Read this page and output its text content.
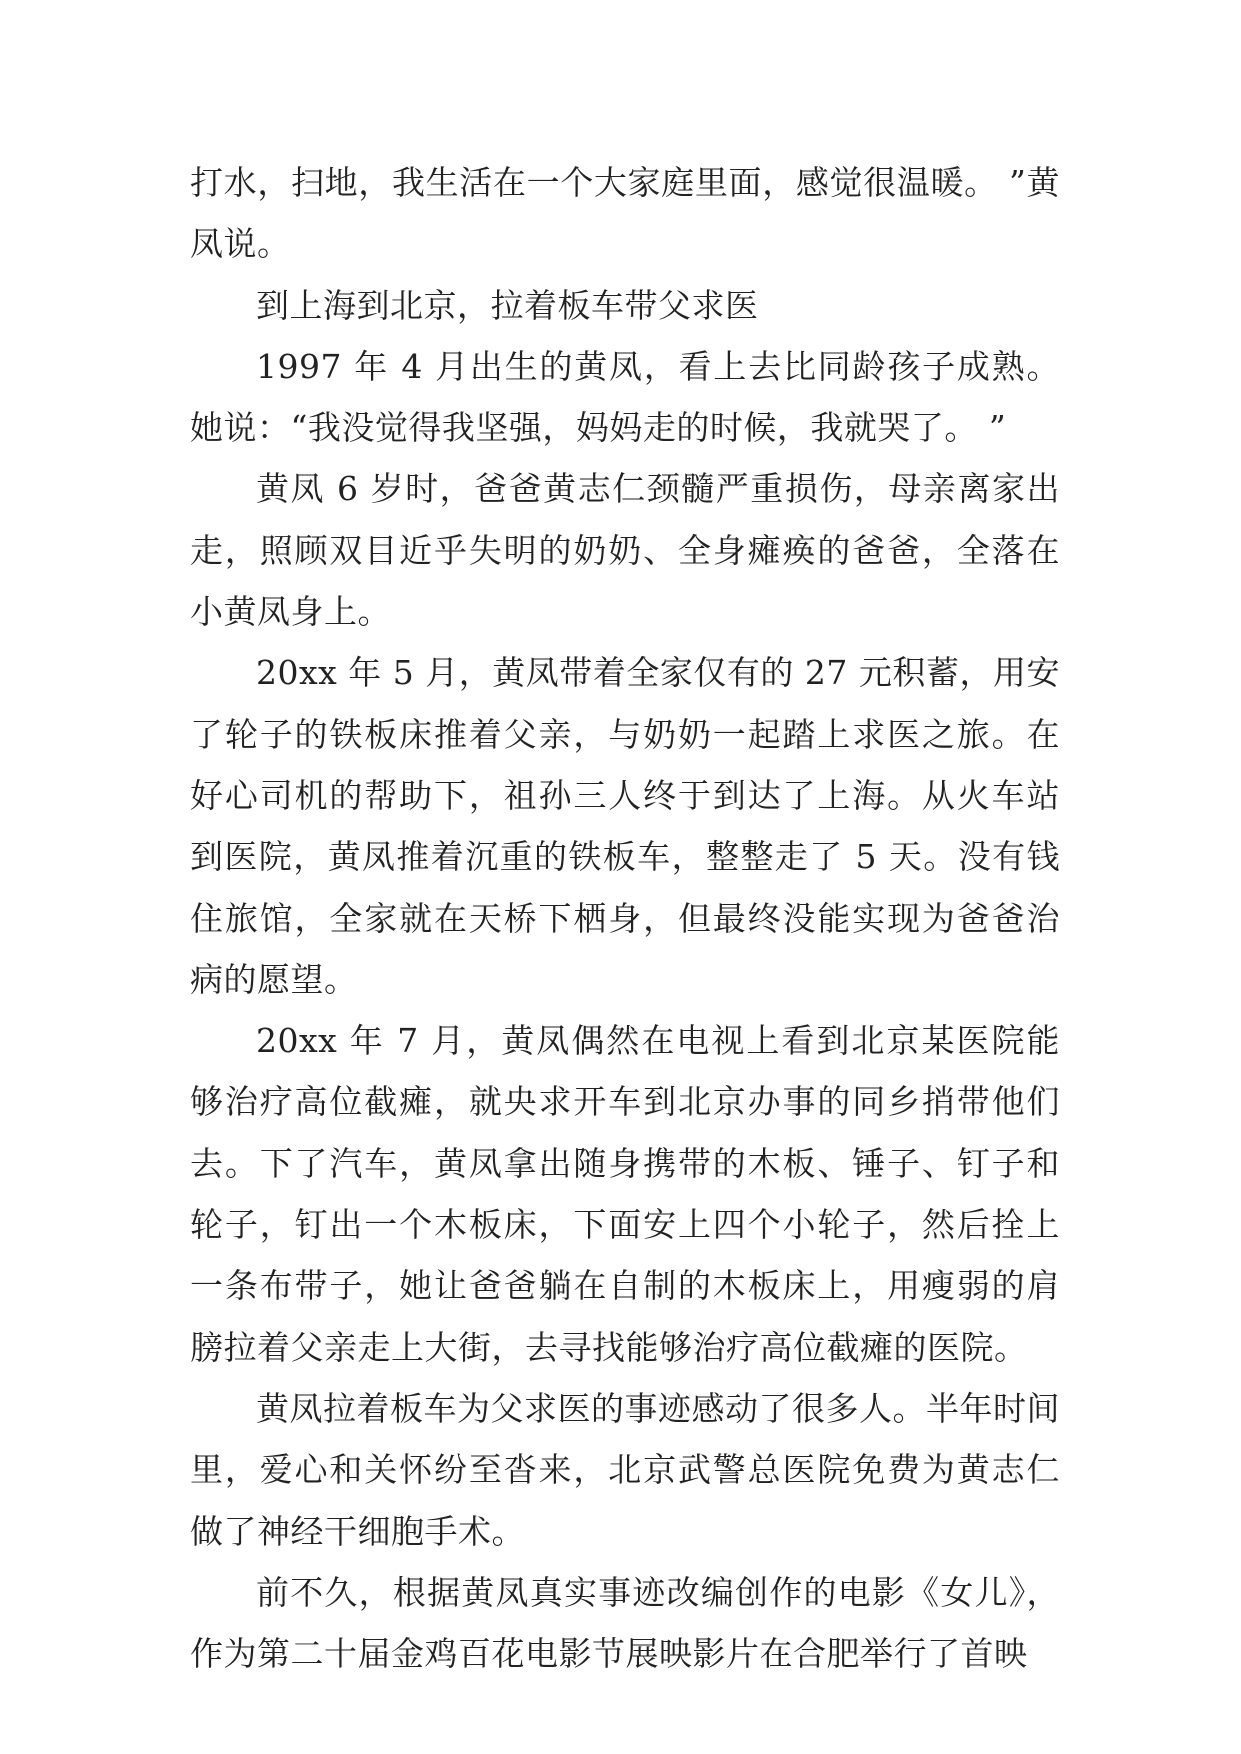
打水，扫地，我生活在一个大家庭里面，感觉很温暖。 ”黄凤说。

到上海到北京，拉着板车带父求医

1997 年 4 月出生的黄凤，看上去比同龄孩子成熟。她说：“我没觉得我坚强，妈妈走的时候，我就哭了。 ”

黄凤 6 岁时，爸爸黄志仁颈髓严重损伤，母亲离家出走，照顾双目近乎失明的奶奶、全身瘫痪的爸爸，全落在小黄凤身上。

20xx 年 5 月，黄凤带着全家仅有的 27 元积蓄，用安了轮子的铁板床推着父亲，与奶奶一起踏上求医之旅。在好心司机的帮助下，祖孙三人终于到达了上海。从火车站到医院，黄凤推着沉重的铁板车，整整走了 5 天。没有钱住旅馆，全家就在天桥下栖身，但最终没能实现为爸爸治病的愿望。

20xx 年 7 月，黄凤偶然在电视上看到北京某医院能够治疗高位截瘫，就央求开车到北京办事的同乡捎带他们去。下了汽车，黄凤拿出随身携带的木板、锤子、钉子和轮子，钉出一个木板床，下面安上四个小轮子，然后拴上一条布带子，她让爸爸躺在自制的木板床上，用瘦弱的肩膀拉着父亲走上大街，去寻找能够治疗高位截瘫的医院。

黄凤拉着板车为父求医的事迹感动了很多人。半年时间里，爱心和关怀纷至沓来，北京武警总医院免费为黄志仁做了神经干细胞手术。

前不久，根据黄凤真实事迹改编创作的电影《女儿》，作为第二十届金鸡百花电影节展映影片在合肥举行了首映
